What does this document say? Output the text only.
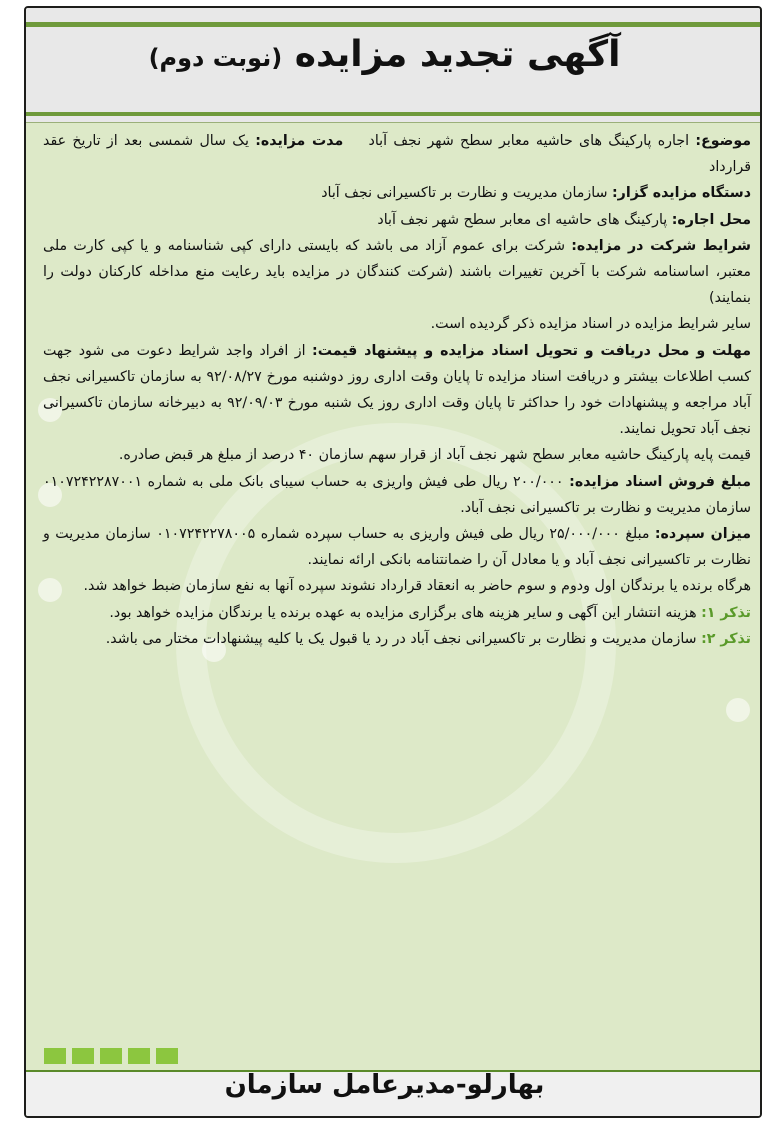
آگهی تجدید مزایده (نوبت دوم)

موضوع: اجاره پارکینگ های حاشیه معابر سطح شهر نجف آباد    مدت مزایده: یک سال شمسی بعد از تاریخ عقد قرارداد

دستگاه مزایده گزار: سازمان مدیریت و نظارت بر تاکسیرانی نجف آباد

محل اجاره: پارکینگ های حاشیه ای معابر سطح شهر نجف آباد

شرایط شرکت در مزایده: شرکت برای عموم آزاد می باشد که بایستی دارای کپی شناسنامه و یا کپی کارت ملی معتبر، اساسنامه شرکت با آخرین تغییرات باشند (شرکت کنندگان در مزایده باید رعایت منع مداخله کارکنان دولت را بنمایند)

سایر شرایط مزایده در اسناد مزایده ذکر گردیده است.

مهلت و محل دریافت و تحویل اسناد مزایده و پیشنهاد قیمت: از افراد واجد شرایط دعوت می شود جهت کسب اطلاعات بیشتر و دریافت اسناد مزایده تا پایان وقت اداری روز دوشنبه مورخ ۹۲/۰۸/۲۷ به سازمان تاکسیرانی نجف آباد مراجعه و پیشنهادات خود را حداکثر تا پایان وقت اداری روز یک شنبه مورخ ۹۲/۰۹/۰۳ به دبیرخانه سازمان تاکسیرانی نجف آباد تحویل نمایند.

قیمت پایه پارکینگ حاشیه معابر سطح شهر نجف آباد از قرار سهم سازمان ۴۰ درصد از مبلغ هر قبض صادره.

مبلغ فروش اسناد مزایده: ۲۰۰/۰۰۰ ریال طی فیش واریزی به حساب سیبای بانک ملی به شماره ۰۱۰۷۲۴۲۲۸۷۰۰۱ سازمان مدیریت و نظارت بر تاکسیرانی نجف آباد.

میزان سپرده: مبلغ ۲۵/۰۰۰/۰۰۰ ریال طی فیش واریزی به حساب سپرده شماره ۰۱۰۷۲۴۲۲۷۸۰۰۵ سازمان مدیریت و نظارت بر تاکسیرانی نجف آباد و یا معادل آن را ضمانتنامه بانکی ارائه نمایند.

هرگاه برنده یا برندگان اول ودوم و سوم حاضر به انعقاد قرارداد نشوند سپرده آنها به نفع سازمان ضبط خواهد شد.

تذکر ۱: هزینه انتشار این آگهی و سایر هزینه های برگزاری مزایده به عهده برنده یا برندگان مزایده خواهد بود.

تذکر ۲: سازمان مدیریت و نظارت بر تاکسیرانی نجف آباد در رد یا قبول یک یا کلیه پیشنهادات مختار می باشد.

بهارلو-مدیرعامل سازمان
